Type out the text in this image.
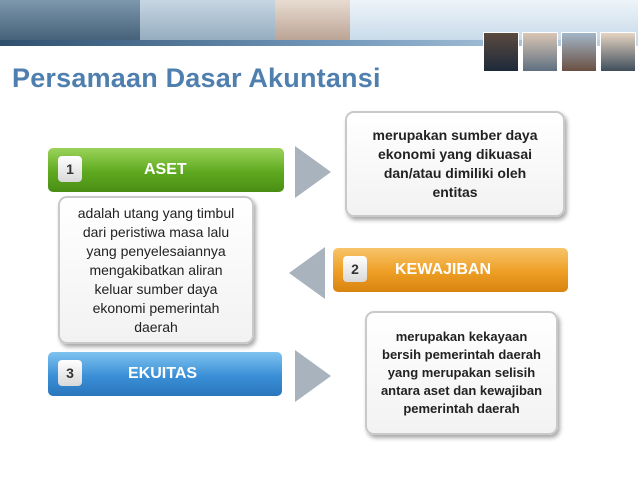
Persamaan Dasar Akuntansi
1	ASET
merupakan sumber daya ekonomi yang dikuasai dan/atau dimiliki oleh entitas
2	KEWAJIBAN
adalah utang yang timbul dari peristiwa masa lalu yang penyelesaiannya mengakibatkan aliran keluar sumber daya ekonomi pemerintah daerah
3	EKUITAS
merupakan kekayaan bersih pemerintah daerah yang merupakan selisih antara aset dan kewajiban pemerintah daerah
